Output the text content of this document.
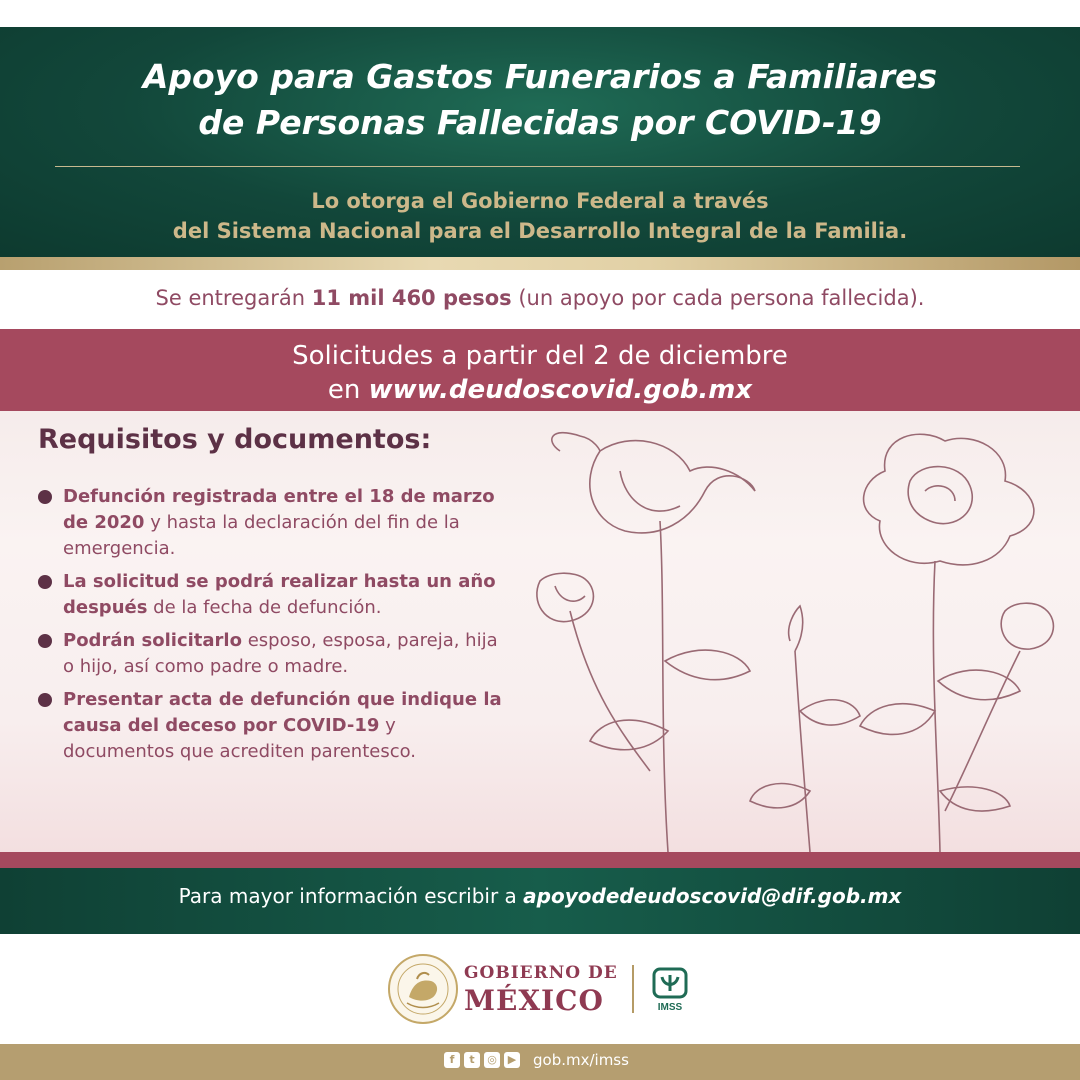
Apoyo para Gastos Funerarios a Familiares
de Personas Fallecidas por COVID-19
Lo otorga el Gobierno Federal a través
del Sistema Nacional para el Desarrollo Integral de la Familia.
Se entregarán 11 mil 460 pesos (un apoyo por cada persona fallecida).
Solicitudes a partir del 2 de diciembre
en www.deudoscovid.gob.mx
Requisitos y documentos:
Defunción registrada entre el 18 de marzo de 2020 y hasta la declaración del fin de la emergencia.
La solicitud se podrá realizar hasta un año después de la fecha de defunción.
Podrán solicitarlo esposo, esposa, pareja, hija o hijo, así como padre o madre.
Presentar acta de defunción que indique la causa del deceso por COVID-19 y documentos que acrediten parentesco.
Para mayor información escribir a apoyodedeudoscovid@dif.gob.mx
GOBIERNO DE
MÉXICO	IMSS
f	t	◎ ▶ gob.mx/imss
